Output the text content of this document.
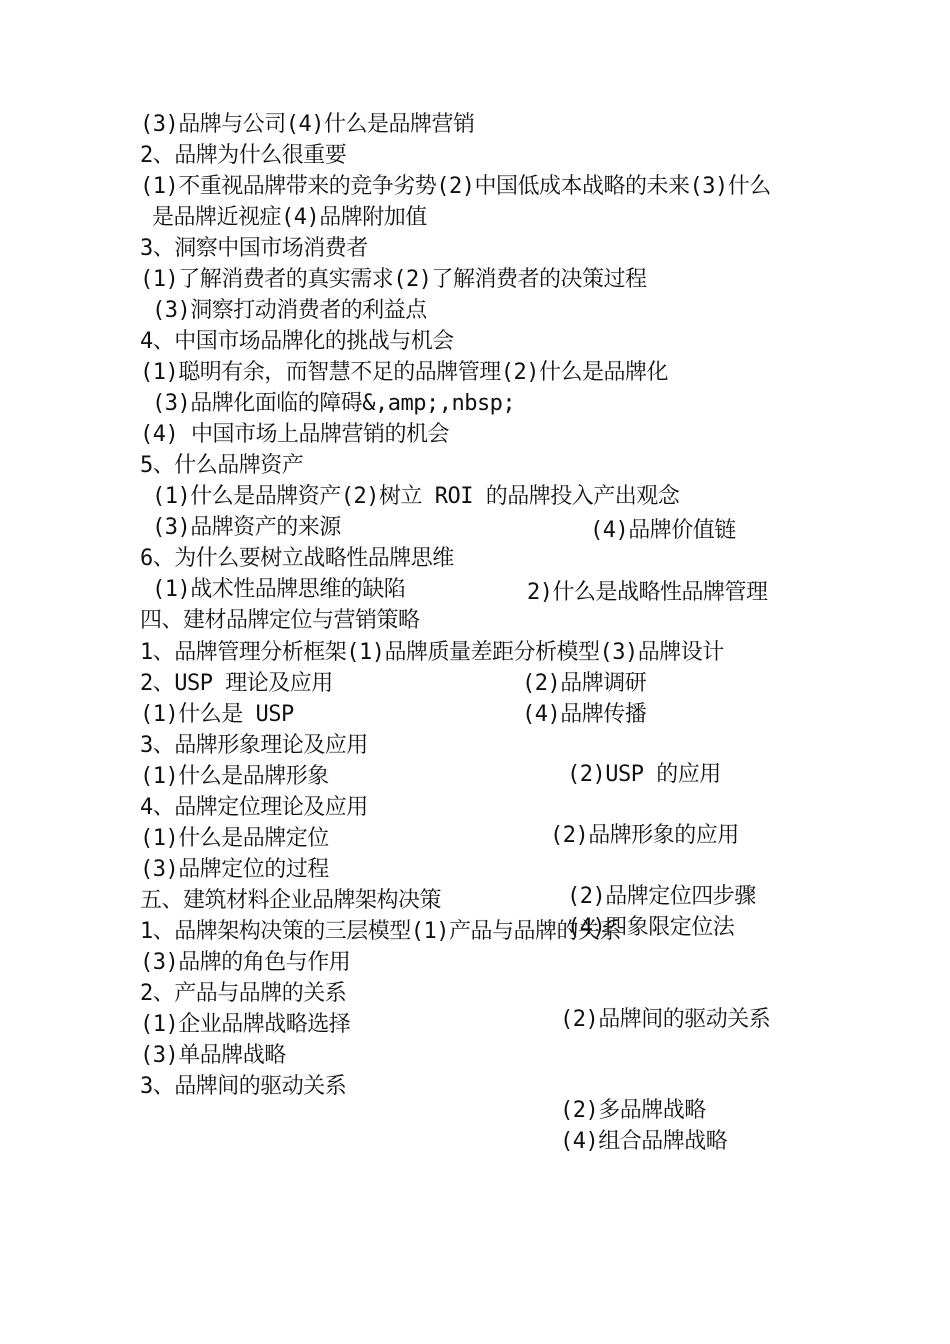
(3)品牌与公司(4)什么是品牌营销
2、品牌为什么很重要
(1)不重视品牌带来的竞争劣势(2)中国低成本战略的未来(3)什么
是品牌近视症(4)品牌附加值
3、洞察中国市场消费者
(1)了解消费者的真实需求(2)了解消费者的决策过程
(3)洞察打动消费者的利益点
4、中国市场品牌化的挑战与机会
(1)聪明有余，而智慧不足的品牌管理(2)什么是品牌化
(3)品牌化面临的障碍&,amp;,nbsp;
(4) 中国市场上品牌营销的机会
5、什么品牌资产
(1)什么是品牌资产(2)树立 ROI 的品牌投入产出观念
(3)品牌资产的来源	(4)品牌价值链
6、为什么要树立战略性品牌思维
(1)战术性品牌思维的缺陷	2)什么是战略性品牌管理
四、建材品牌定位与营销策略
1、品牌管理分析框架(1)品牌质量差距分析模型(3)品牌设计
2、USP 理论及应用	(2)品牌调研
(1)什么是 USP	(4)品牌传播
3、品牌形象理论及应用
(1)什么是品牌形象	(2)USP 的应用
4、品牌定位理论及应用
(1)什么是品牌定位	(2)品牌形象的应用
(3)品牌定位的过程
五、建筑材料企业品牌架构决策	(2)品牌定位四步骤
1、品牌架构决策的三层模型(1)产品与品牌的关系
(4)四象限定位法
(3)品牌的角色与作用
2、产品与品牌的关系
(1)企业品牌战略选择	(2)品牌间的驱动关系
(3)单品牌战略
3、品牌间的驱动关系
(2)多品牌战略
(4)组合品牌战略
